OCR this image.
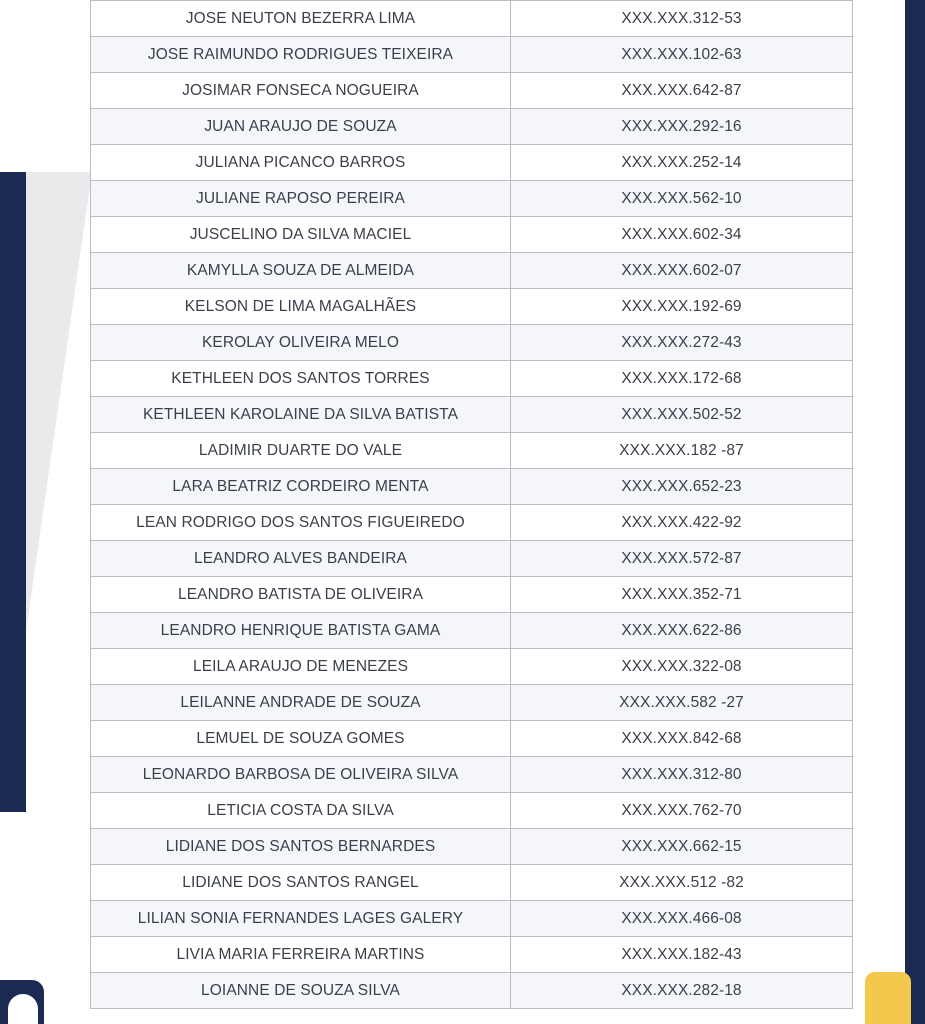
JOSE NEUTON BEZERRA LIMA	XXX.XXX.312-53
JOSE RAIMUNDO RODRIGUES TEIXEIRA	XXX.XXX.102-63
JOSIMAR FONSECA NOGUEIRA	XXX.XXX.642-87
JUAN ARAUJO DE SOUZA	XXX.XXX.292-16
JULIANA PICANCO BARROS	XXX.XXX.252-14
JULIANE RAPOSO PEREIRA	XXX.XXX.562-10
JUSCELINO DA SILVA MACIEL	XXX.XXX.602-34
KAMYLLA SOUZA DE ALMEIDA	XXX.XXX.602-07
KELSON DE LIMA MAGALHÃES	XXX.XXX.192-69
KEROLAY OLIVEIRA MELO	XXX.XXX.272-43
KETHLEEN DOS SANTOS TORRES	XXX.XXX.172-68
KETHLEEN KAROLAINE DA SILVA BATISTA	XXX.XXX.502-52
LADIMIR DUARTE DO VALE	XXX.XXX.182 -87
LARA BEATRIZ CORDEIRO MENTA	XXX.XXX.652-23
LEAN RODRIGO DOS SANTOS FIGUEIREDO	XXX.XXX.422-92
LEANDRO ALVES BANDEIRA	XXX.XXX.572-87
LEANDRO BATISTA DE OLIVEIRA	XXX.XXX.352-71
LEANDRO HENRIQUE BATISTA GAMA	XXX.XXX.622-86
LEILA ARAUJO DE MENEZES	XXX.XXX.322-08
LEILANNE ANDRADE DE SOUZA	XXX.XXX.582 -27
LEMUEL DE SOUZA GOMES	XXX.XXX.842-68
LEONARDO BARBOSA DE OLIVEIRA SILVA	XXX.XXX.312-80
LETICIA COSTA DA SILVA	XXX.XXX.762-70
LIDIANE DOS SANTOS BERNARDES	XXX.XXX.662-15
LIDIANE DOS SANTOS RANGEL	XXX.XXX.512 -82
LILIAN SONIA FERNANDES LAGES GALERY	XXX.XXX.466-08
LIVIA MARIA FERREIRA MARTINS	XXX.XXX.182-43
LOIANNE DE SOUZA SILVA	XXX.XXX.282-18
